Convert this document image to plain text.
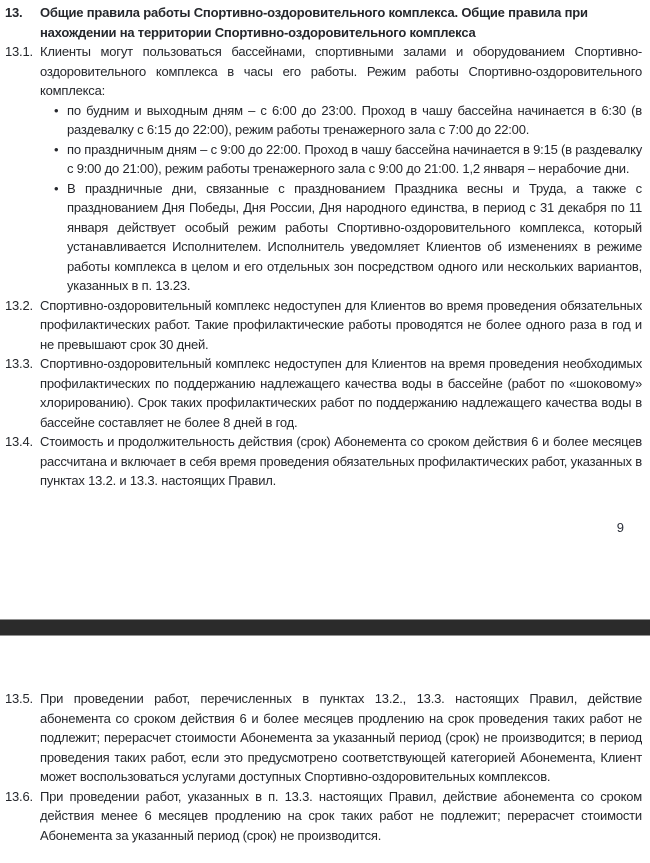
13.	Общие правила работы Спортивно-оздоровительного комплекса. Общие правила при нахождении на территории Спортивно-оздоровительного комплекса
13.1. Клиенты могут пользоваться бассейнами, спортивными залами и оборудованием Спортивно-оздоровительного комплекса в часы его работы. Режим работы Спортивно-оздоровительного комплекса:
• по будним и выходным дням – с 6:00 до 23:00. Проход в чашу бассейна начинается в 6:30 (в раздевалку с 6:15 до 22:00), режим работы тренажерного зала с 7:00 до 22:00.
• по праздничным дням – с 9:00 до 22:00. Проход в чашу бассейна начинается в 9:15 (в раздевалку с 9:00 до 21:00), режим работы тренажерного зала с 9:00 до 21:00. 1,2 января – нерабочие дни.
• В праздничные дни, связанные с празднованием Праздника весны и Труда, а также с празднованием Дня Победы, Дня России, Дня народного единства, в период с 31 декабря по 11 января действует особый режим работы Спортивно-оздоровительного комплекса, который устанавливается Исполнителем. Исполнитель уведомляет Клиентов об изменениях в режиме работы комплекса в целом и его отдельных зон посредством одного или нескольких вариантов, указанных в п. 13.23.
13.2. Спортивно-оздоровительный комплекс недоступен для Клиентов во время проведения обязательных профилактических работ. Такие профилактические работы проводятся не более одного раза в год и не превышают срок 30 дней.
13.3. Спортивно-оздоровительный комплекс недоступен для Клиентов на время проведения необходимых профилактических по поддержанию надлежащего качества воды в бассейне (работ по «шоковому» хлорированию). Срок таких профилактических работ по поддержанию надлежащего качества воды в бассейне составляет не более 8 дней в год.
13.4. Стоимость и продолжительность действия (срок) Абонемента со сроком действия 6 и более месяцев рассчитана и включает в себя время проведения обязательных профилактических работ, указанных в пунктах 13.2. и 13.3. настоящих Правил.
9
13.5. При проведении работ, перечисленных в пунктах 13.2., 13.3. настоящих Правил, действие абонемента со сроком действия 6 и более месяцев продлению на срок проведения таких работ не подлежит; перерасчет стоимости Абонемента за указанный период (срок) не производится; в период проведения таких работ, если это предусмотрено соответствующей категорией Абонемента, Клиент может воспользоваться услугами доступных Спортивно-оздоровительных комплексов.
13.6. При проведении работ, указанных в п. 13.3. настоящих Правил, действие абонемента со сроком действия менее 6 месяцев продлению на срок таких работ не подлежит; перерасчет стоимости Абонемента за указанный период (срок) не производится.
